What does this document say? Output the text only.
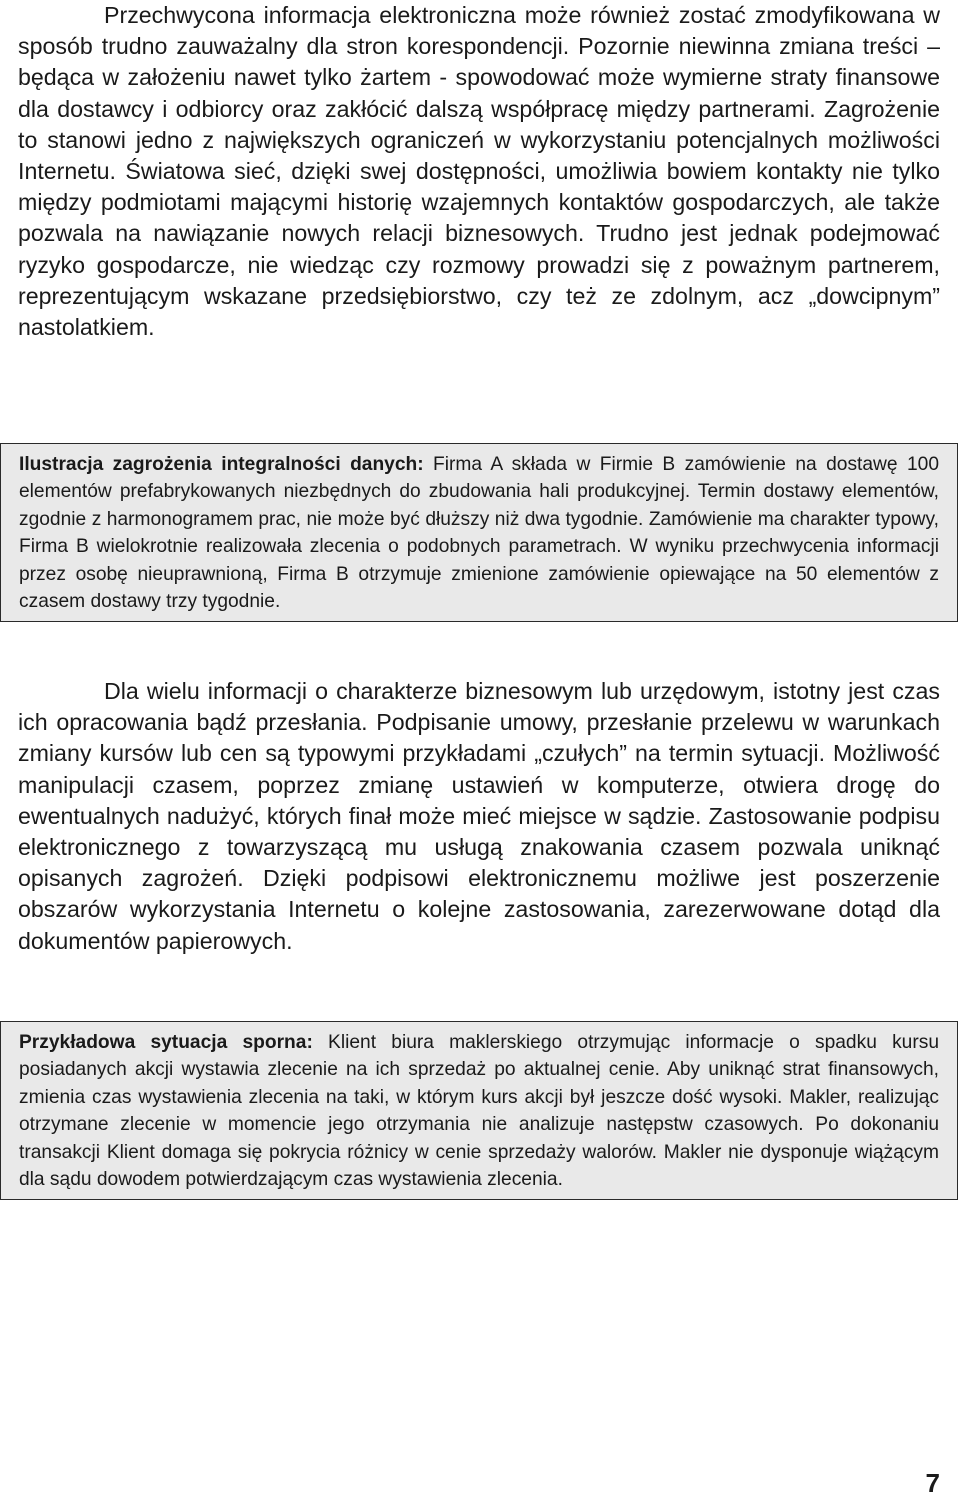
Przechwycona informacja elektroniczna może również zostać zmodyfikowana w sposób trudno zauważalny dla stron korespondencji. Pozornie niewinna zmiana treści – będąca w założeniu nawet tylko żartem - spowodować może wymierne straty finansowe dla dostawcy i odbiorcy oraz zakłócić dalszą współpracę między partnerami. Zagrożenie to stanowi jedno z największych ograniczeń w wykorzystaniu potencjalnych możliwości Internetu. Światowa sieć, dzięki swej dostępności, umożliwia bowiem kontakty nie tylko między podmiotami mającymi historię wzajemnych kontaktów gospodarczych, ale także pozwala na nawiązanie nowych relacji biznesowych. Trudno jest jednak podejmować ryzyko gospodarcze, nie wiedząc czy rozmowy prowadzi się z poważnym partnerem, reprezentującym wskazane przedsiębiorstwo, czy też ze zdolnym, acz „dowcipnym” nastolatkiem.

Ilustracja zagrożenia integralności danych: Firma A składa w Firmie B zamówienie na dostawę 100 elementów prefabrykowanych niezbędnych do zbudowania hali produkcyjnej. Termin dostawy elementów, zgodnie z harmonogramem prac, nie może być dłuższy niż dwa tygodnie. Zamówienie ma charakter typowy, Firma B wielokrotnie realizowała zlecenia o podobnych parametrach. W wyniku przechwycenia informacji przez osobę nieuprawnioną, Firma B otrzymuje zmienione zamówienie opiewające na 50 elementów z czasem dostawy trzy tygodnie.

Dla wielu informacji o charakterze biznesowym lub urzędowym, istotny jest czas ich opracowania bądź przesłania. Podpisanie umowy, przesłanie przelewu w warunkach zmiany kursów lub cen są typowymi przykładami „czułych” na termin sytuacji. Możliwość manipulacji czasem, poprzez zmianę ustawień w komputerze, otwiera drogę do ewentualnych nadużyć, których finał może mieć miejsce w sądzie. Zastosowanie podpisu elektronicznego z towarzyszącą mu usługą znakowania czasem pozwala uniknąć opisanych zagrożeń. Dzięki podpisowi elektronicznemu możliwe jest poszerzenie obszarów wykorzystania Internetu o kolejne zastosowania, zarezerwowane dotąd dla dokumentów papierowych.

Przykładowa sytuacja sporna: Klient biura maklerskiego otrzymując informacje o spadku kursu posiadanych akcji wystawia zlecenie na ich sprzedaż po aktualnej cenie. Aby uniknąć strat finansowych, zmienia czas wystawienia zlecenia na taki, w którym kurs akcji był jeszcze dość wysoki. Makler, realizując otrzymane zlecenie w momencie jego otrzymania nie analizuje następstw czasowych. Po dokonaniu transakcji Klient domaga się pokrycia różnicy w cenie sprzedaży walorów. Makler nie dysponuje wiążącym dla sądu dowodem potwierdzającym czas wystawienia zlecenia.

7
